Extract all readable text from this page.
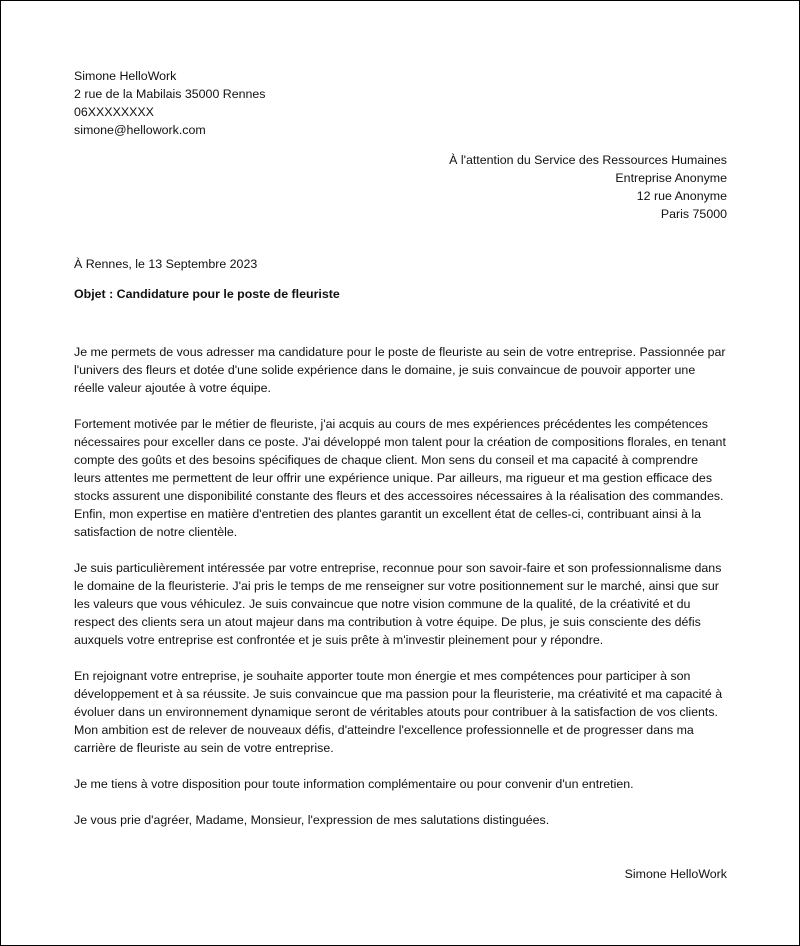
Simone HelloWork
2 rue de la Mabilais 35000 Rennes
06XXXXXXXX
simone@hellowork.com
À l'attention du Service des Ressources Humaines
Entreprise Anonyme
12 rue Anonyme
Paris 75000
À Rennes, le 13 Septembre 2023
Objet : Candidature pour le poste de fleuriste

Je me permets de vous adresser ma candidature pour le poste de fleuriste au sein de votre entreprise. Passionnée par l'univers des fleurs et dotée d'une solide expérience dans le domaine, je suis convaincue de pouvoir apporter une réelle valeur ajoutée à votre équipe.

Fortement motivée par le métier de fleuriste, j'ai acquis au cours de mes expériences précédentes les compétences nécessaires pour exceller dans ce poste. J'ai développé mon talent pour la création de compositions florales, en tenant compte des goûts et des besoins spécifiques de chaque client. Mon sens du conseil et ma capacité à comprendre leurs attentes me permettent de leur offrir une expérience unique. Par ailleurs, ma rigueur et ma gestion efficace des stocks assurent une disponibilité constante des fleurs et des accessoires nécessaires à la réalisation des commandes. Enfin, mon expertise en matière d'entretien des plantes garantit un excellent état de celles-ci, contribuant ainsi à la satisfaction de notre clientèle.

Je suis particulièrement intéressée par votre entreprise, reconnue pour son savoir-faire et son professionnalisme dans le domaine de la fleuristerie. J'ai pris le temps de me renseigner sur votre positionnement sur le marché, ainsi que sur les valeurs que vous véhiculez. Je suis convaincue que notre vision commune de la qualité, de la créativité et du respect des clients sera un atout majeur dans ma contribution à votre équipe. De plus, je suis consciente des défis auxquels votre entreprise est confrontée et je suis prête à m'investir pleinement pour y répondre.

En rejoignant votre entreprise, je souhaite apporter toute mon énergie et mes compétences pour participer à son développement et à sa réussite. Je suis convaincue que ma passion pour la fleuristerie, ma créativité et ma capacité à évoluer dans un environnement dynamique seront de véritables atouts pour contribuer à la satisfaction de vos clients. Mon ambition est de relever de nouveaux défis, d'atteindre l'excellence professionnelle et de progresser dans ma carrière de fleuriste au sein de votre entreprise.

Je me tiens à votre disposition pour toute information complémentaire ou pour convenir d'un entretien.

Je vous prie d'agréer, Madame, Monsieur, l'expression de mes salutations distinguées.

Simone HelloWork
